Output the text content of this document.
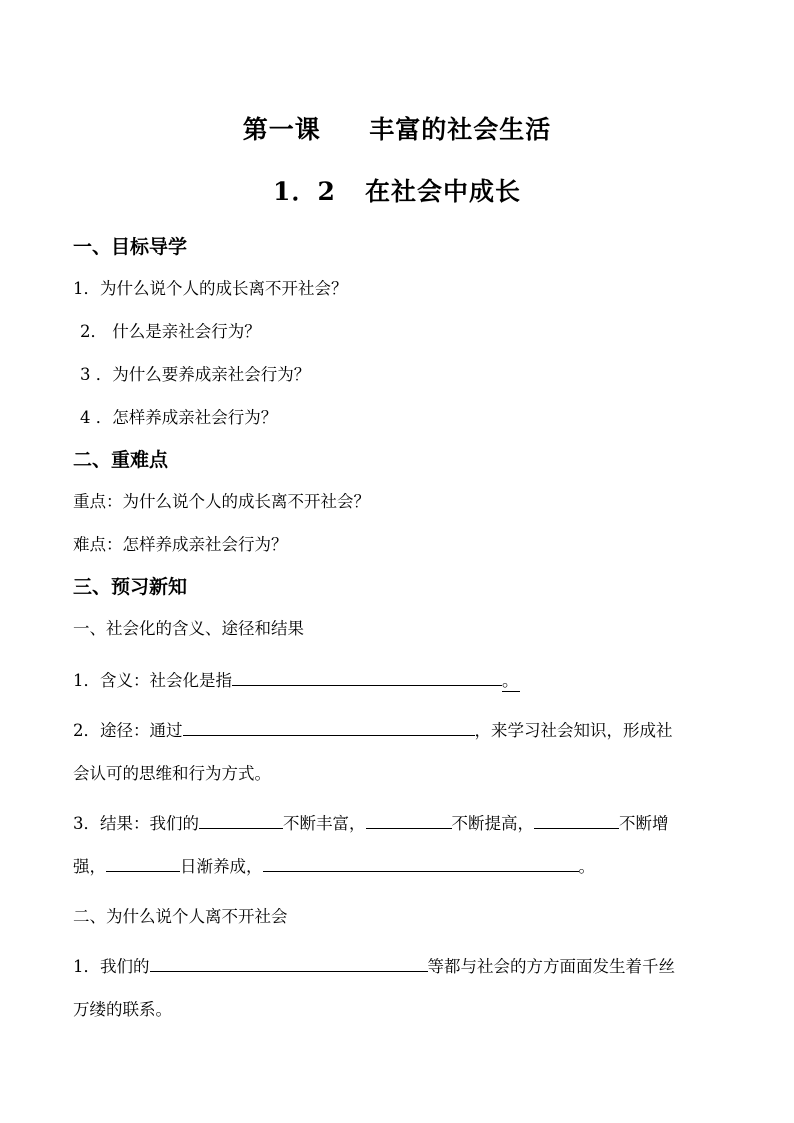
第一课     丰富的社会生活
1．2   在社会中成长
一、目标导学
1．为什么说个人的成长离不开社会？
2． 什么是亲社会行为？
3 ．为什么要养成亲社会行为？
4 ．怎样养成亲社会行为？
二、重难点
重点：为什么说个人的成长离不开社会？
难点：怎样养成亲社会行为？
三、预习新知
一、社会化的含义、途径和结果
1．含义：社会化是指	。
2．途径：通过	，来学习社会知识，形成社
会认可的思维和行为方式。
3．结果：我们的	不断丰富，	不断提高，	不断增
强，	日渐养成，	。
二、为什么说个人离不开社会
1．我们的	等都与社会的方方面面发生着千丝
万缕的联系。
